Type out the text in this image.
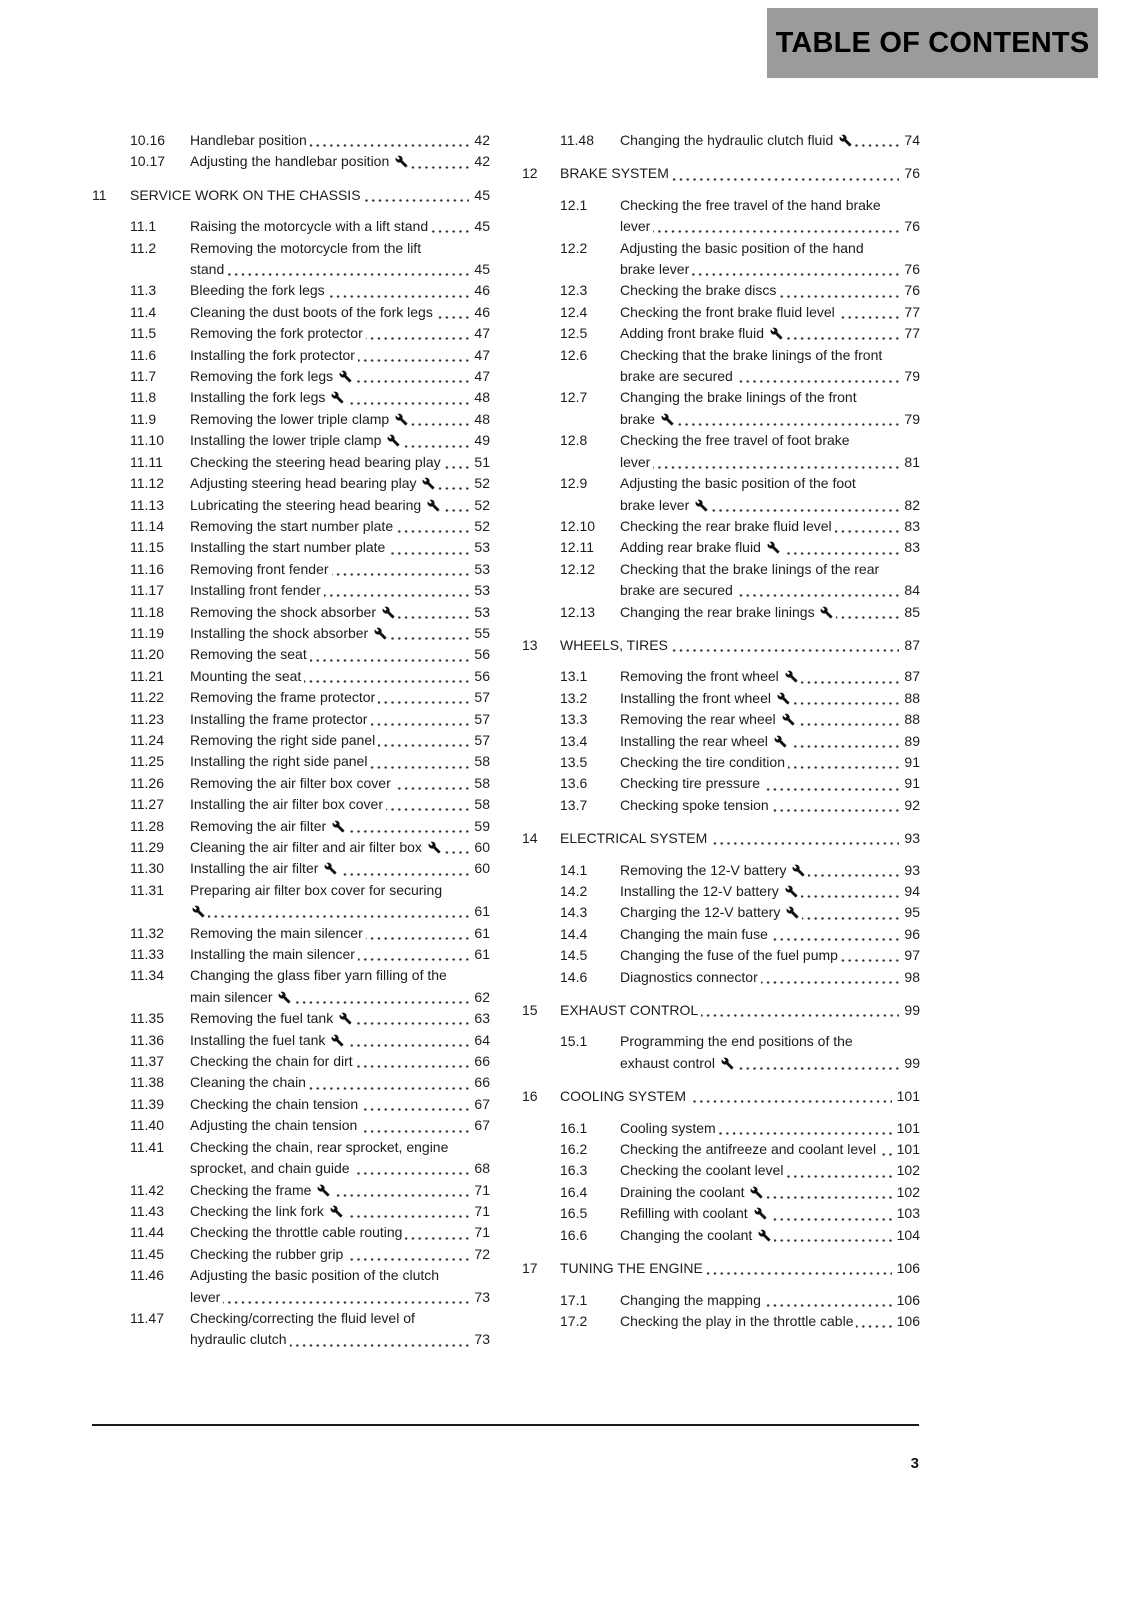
TABLE OF CONTENTS
10.16 Handlebar position	42
10.17 Adjusting the handlebar position	42
11 SERVICE WORK ON THE CHASSIS	45
11.1 Raising the motorcycle with a lift stand	45
11.2 Removing the motorcycle from the lift stand	45
11.3 Bleeding the fork legs	46
11.4 Cleaning the dust boots of the fork legs	46
11.5 Removing the fork protector	47
11.6 Installing the fork protector	47
11.7 Removing the fork legs	47
11.8 Installing the fork legs	48
11.9 Removing the lower triple clamp	48
11.10 Installing the lower triple clamp	49
11.11 Checking the steering head bearing play	51
11.12 Adjusting steering head bearing play	52
11.13 Lubricating the steering head bearing	52
11.14 Removing the start number plate	52
11.15 Installing the start number plate	53
11.16 Removing front fender	53
11.17 Installing front fender	53
11.18 Removing the shock absorber	53
11.19 Installing the shock absorber	55
11.20 Removing the seat	56
11.21 Mounting the seat	56
11.22 Removing the frame protector	57
11.23 Installing the frame protector	57
11.24 Removing the right side panel	57
11.25 Installing the right side panel	58
11.26 Removing the air filter box cover	58
11.27 Installing the air filter box cover	58
11.28 Removing the air filter	59
11.29 Cleaning the air filter and air filter box	60
11.30 Installing the air filter	60
11.31 Preparing air filter box cover for securing
61
11.32 Removing the main silencer	61
11.33 Installing the main silencer	61
11.34 Changing the glass fiber yarn filling of the main silencer	62
11.35 Removing the fuel tank	63
11.36 Installing the fuel tank	64
11.37 Checking the chain for dirt	66
11.38 Cleaning the chain	66
11.39 Checking the chain tension	67
11.40 Adjusting the chain tension	67
11.41 Checking the chain, rear sprocket, engine sprocket, and chain guide	68
11.42 Checking the frame	71
11.43 Checking the link fork	71
11.44 Checking the throttle cable routing	71
11.45 Checking the rubber grip	72
11.46 Adjusting the basic position of the clutch lever	73
11.47 Checking/correcting the fluid level of hydraulic clutch	73
11.48 Changing the hydraulic clutch fluid	74
12 BRAKE SYSTEM	76
12.1 Checking the free travel of the hand brake lever	76
12.2 Adjusting the basic position of the hand brake lever	76
12.3 Checking the brake discs	76
12.4 Checking the front brake fluid level	77
12.5 Adding front brake fluid	77
12.6 Checking that the brake linings of the front brake are secured	79
12.7 Changing the brake linings of the front brake	79
12.8 Checking the free travel of foot brake lever	81
12.9 Adjusting the basic position of the foot brake lever	82
12.10 Checking the rear brake fluid level	83
12.11 Adding rear brake fluid	83
12.12 Checking that the brake linings of the rear brake are secured	84
12.13 Changing the rear brake linings	85
13 WHEELS, TIRES	87
13.1 Removing the front wheel	87
13.2 Installing the front wheel	88
13.3 Removing the rear wheel	88
13.4 Installing the rear wheel	89
13.5 Checking the tire condition	91
13.6 Checking tire pressure	91
13.7 Checking spoke tension	92
14 ELECTRICAL SYSTEM	93
14.1 Removing the 12-V battery	93
14.2 Installing the 12-V battery	94
14.3 Charging the 12-V battery	95
14.4 Changing the main fuse	96
14.5 Changing the fuse of the fuel pump	97
14.6 Diagnostics connector	98
15 EXHAUST CONTROL	99
15.1 Programming the end positions of the exhaust control	99
16 COOLING SYSTEM	101
16.1 Cooling system	101
16.2 Checking the antifreeze and coolant level	101
16.3 Checking the coolant level	102
16.4 Draining the coolant	102
16.5 Refilling with coolant	103
16.6 Changing the coolant	104
17 TUNING THE ENGINE	106
17.1 Changing the mapping	106
17.2 Checking the play in the throttle cable	106
3
